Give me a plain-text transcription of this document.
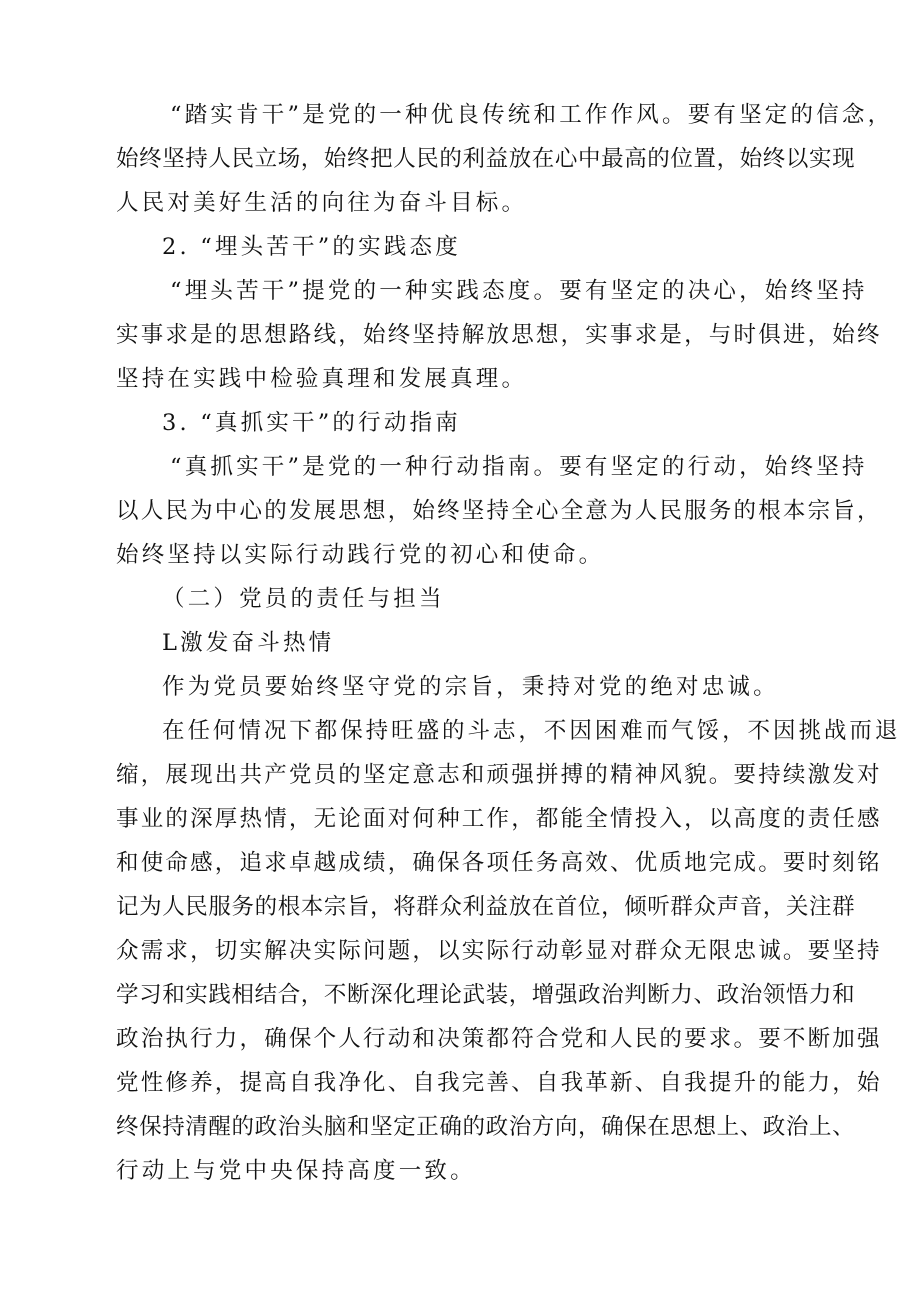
“踏实肯干”是党的一种优良传统和工作作风。要有坚定的信念，
始终坚持人民立场，始终把人民的利益放在心中最高的位置，始终以实现
人民对美好生活的向往为奋斗目标。
2. “埋头苦干”的实践态度
“埋头苦干”提党的一种实践态度。要有坚定的决心，始终坚持
实事求是的思想路线，始终坚持解放思想，实事求是，与时俱进，始终
坚持在实践中检验真理和发展真理。
3. “真抓实干”的行动指南
“真抓实干”是党的一种行动指南。要有坚定的行动，始终坚持
以人民为中心的发展思想，始终坚持全心全意为人民服务的根本宗旨，
始终坚持以实际行动践行党的初心和使命。
（二）党员的责任与担当
L激发奋斗热情
作为党员要始终坚守党的宗旨，秉持对党的绝对忠诚。
在任何情况下都保持旺盛的斗志，不因困难而气馁，不因挑战而退
缩，展现出共产党员的坚定意志和顽强拼搏的精神风貌。要持续激发对
事业的深厚热情，无论面对何种工作，都能全情投入，以高度的责任感
和使命感，追求卓越成绩，确保各项任务高效、优质地完成。要时刻铭
记为人民服务的根本宗旨，将群众利益放在首位，倾听群众声音，关注群
众需求，切实解决实际问题，以实际行动彰显对群众无限忠诚。要坚持
学习和实践相结合，不断深化理论武装，增强政治判断力、政治领悟力和
政治执行力，确保个人行动和决策都符合党和人民的要求。要不断加强
党性修养，提高自我净化、自我完善、自我革新、自我提升的能力，始
终保持清醒的政治头脑和坚定正确的政治方向，确保在思想上、政治上、
行动上与党中央保持高度一致。
